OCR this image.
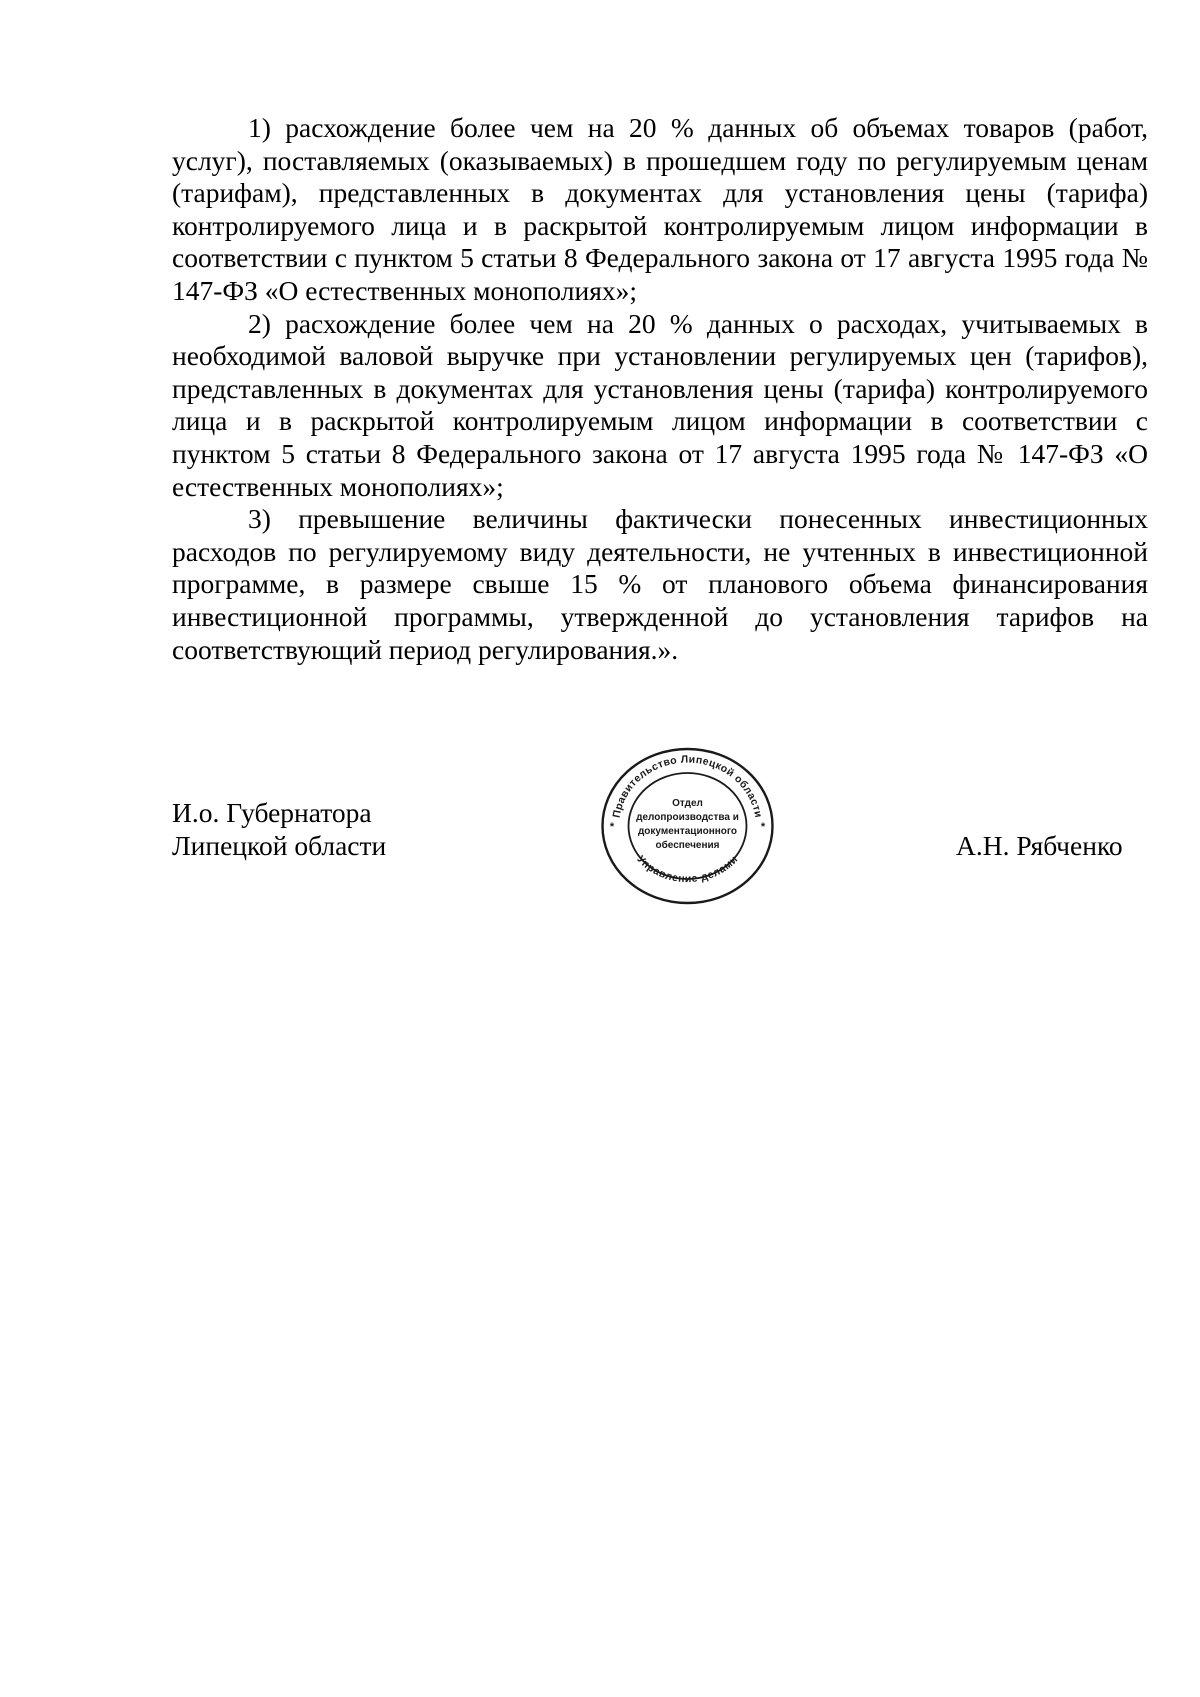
1) расхождение более чем на 20 % данных об объемах товаров (работ, услуг), поставляемых (оказываемых) в прошедшем году по регулируемым ценам (тарифам), представленных в документах для установления цены (тарифа) контролируемого лица и в раскрытой контролируемым лицом информации в соответствии с пунктом 5 статьи 8 Федерального закона от 17 августа 1995 года № 147-ФЗ «О естественных монополиях»;

2) расхождение более чем на 20 % данных о расходах, учитываемых в необходимой валовой выручке при установлении регулируемых цен (тарифов), представленных в документах для установления цены (тарифа) контролируемого лица и в раскрытой контролируемым лицом информации в соответствии с пунктом 5 статьи 8 Федерального закона от 17 августа 1995 года № 147-ФЗ «О естественных монополиях»;

3) превышение величины фактически понесенных инвестиционных расходов по регулируемому виду деятельности, не учтенных в инвестиционной программе, в размере свыше 15 % от планового объема финансирования инвестиционной программы, утвержденной до установления тарифов на соответствующий период регулирования.».

И.о. Губернатора
Липецкой области
Правительство Липецкой области
Управление делами
*	*
Отдел
делопроизводства и
документационного
обеспечения	А.Н. Рябченко
